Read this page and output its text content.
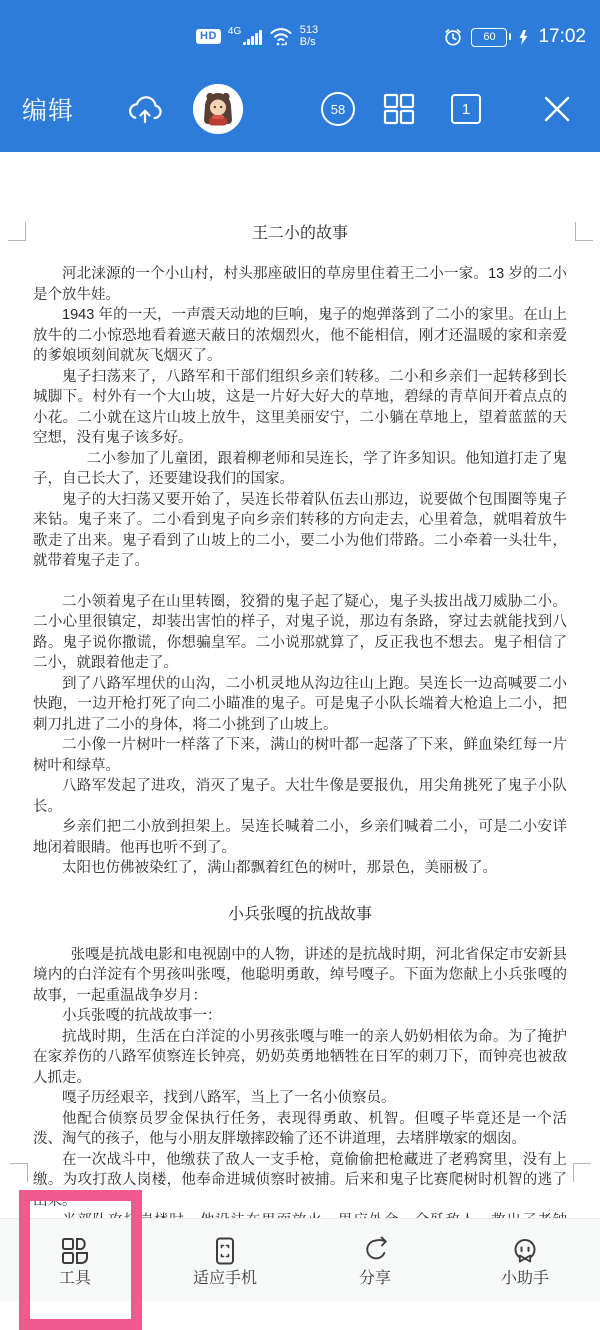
HD	4G	513
B/s	60 17:02
编辑	58	1
王二小的故事

河北涞源的一个小山村，村头那座破旧的草房里住着王二小一家。13 岁的二小是个放牛娃。

1943 年的一天，一声震天动地的巨响，鬼子的炮弹落到了二小的家里。在山上放牛的二小惊恐地看着遮天蔽日的浓烟烈火，他不能相信，刚才还温暖的家和亲爱的爹娘顷刻间就灰飞烟灭了。

鬼子扫荡来了，八路军和干部们组织乡亲们转移。二小和乡亲们一起转移到长城脚下。村外有一个大山坡，这是一片好大好大的草地，碧绿的青草间开着点点的小花。二小就在这片山坡上放牛，这里美丽安宁，二小躺在草地上，望着蓝蓝的天空想，没有鬼子该多好。

二小参加了儿童团，跟着柳老师和吴连长，学了许多知识。他知道打走了鬼子，自己长大了，还要建设我们的国家。

鬼子的大扫荡又要开始了，吴连长带着队伍去山那边，说要做个包围圈等鬼子来钻。鬼子来了。二小看到鬼子向乡亲们转移的方向走去，心里着急，就唱着放牛歌走了出来。鬼子看到了山坡上的二小，要二小为他们带路。二小牵着一头壮牛，就带着鬼子走了。

二小领着鬼子在山里转圈，狡猾的鬼子起了疑心，鬼子头拔出战刀威胁二小。二小心里很镇定，却装出害怕的样子，对鬼子说，那边有条路，穿过去就能找到八路。鬼子说你撒谎，你想骗皇军。二小说那就算了，反正我也不想去。鬼子相信了二小，就跟着他走了。

到了八路军埋伏的山沟，二小机灵地从沟边往山上跑。吴连长一边高喊要二小快跑，一边开枪打死了向二小瞄准的鬼子。可是鬼子小队长端着大枪追上二小，把刺刀扎进了二小的身体，将二小挑到了山坡上。

二小像一片树叶一样落了下来，满山的树叶都一起落了下来，鲜血染红每一片树叶和绿草。

八路军发起了进攻，消灭了鬼子。大壮牛像是要报仇，用尖角挑死了鬼子小队长。

乡亲们把二小放到担架上。吴连长喊着二小，乡亲们喊着二小，可是二小安详地闭着眼睛。他再也听不到了。

太阳也仿佛被染红了，满山都飘着红色的树叶，那景色，美丽极了。

小兵张嘎的抗战故事

张嘎是抗战电影和电视剧中的人物，讲述的是抗战时期，河北省保定市安新县境内的白洋淀有个男孩叫张嘎，他聪明勇敢，绰号嘎子。下面为您献上小兵张嘎的故事，一起重温战争岁月：

小兵张嘎的抗战故事一：

抗战时期，生活在白洋淀的小男孩张嘎与唯一的亲人奶奶相依为命。为了掩护在家养伤的八路军侦察连长钟亮，奶奶英勇地牺牲在日军的刺刀下，而钟亮也被敌人抓走。

嘎子历经艰辛，找到八路军，当上了一名小侦察员。

他配合侦察员罗金保执行任务，表现得勇敢、机智。但嘎子毕竟还是一个活泼、淘气的孩子，他与小朋友胖墩摔跤输了还不讲道理，去堵胖墩家的烟囱。

在一次战斗中，他缴获了敌人一支手枪，竟偷偷把枪藏进了老鸦窝里，没有上缴。为攻打敌人岗楼，他奉命进城侦察时被捕。后来和鬼子比赛爬树时机智的逃了出来。

工具	适应手机	分享	小助手
